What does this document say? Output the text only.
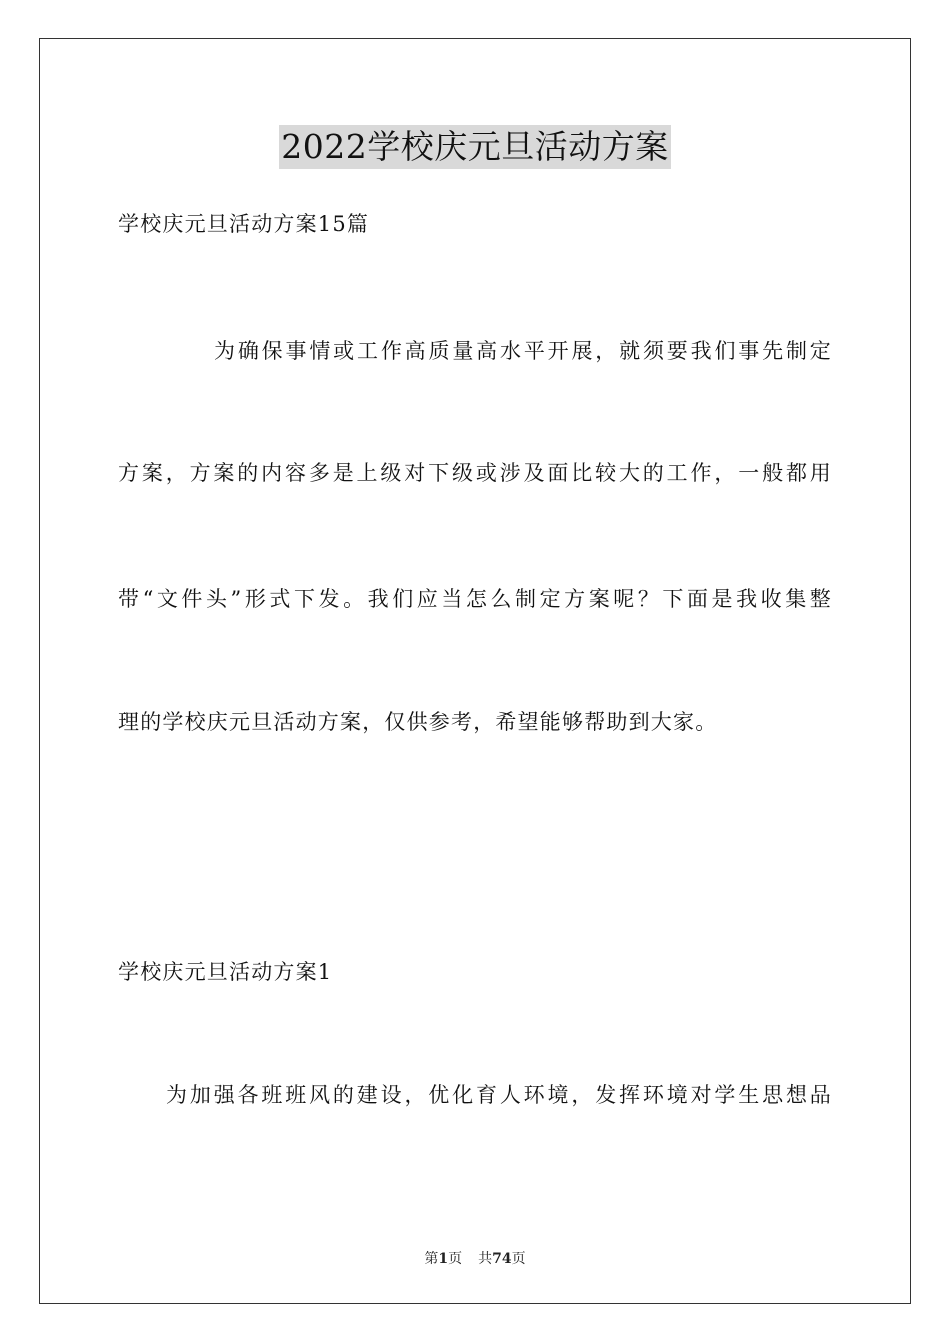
2022学校庆元旦活动方案
学校庆元旦活动方案15篇
为确保事情或工作高质量高水平开展，就须要我们事先制定
方案，方案的内容多是上级对下级或涉及面比较大的工作，一般都用
带“文件头”形式下发。我们应当怎么制定方案呢？下面是我收集整
理的学校庆元旦活动方案，仅供参考，希望能够帮助到大家。
学校庆元旦活动方案1
为加强各班班风的建设，优化育人环境，发挥环境对学生思想品
第1页 共74页
